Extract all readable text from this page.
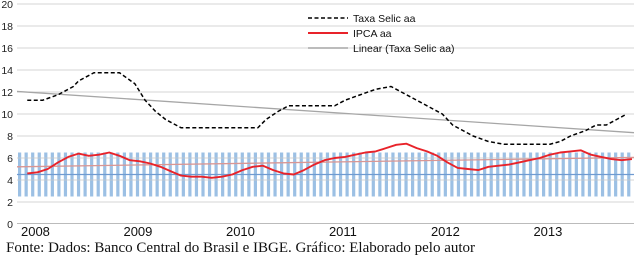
0
2
4
6
8
10
12
14
16
18
20
2008	2009	2010	2011	2012	2013
Taxa Selic aa
IPCA aa
Linear (Taxa Selic aa)
Fonte: Dados: Banco Central do Brasil e IBGE. Gráfico: Elaborado pelo autor
